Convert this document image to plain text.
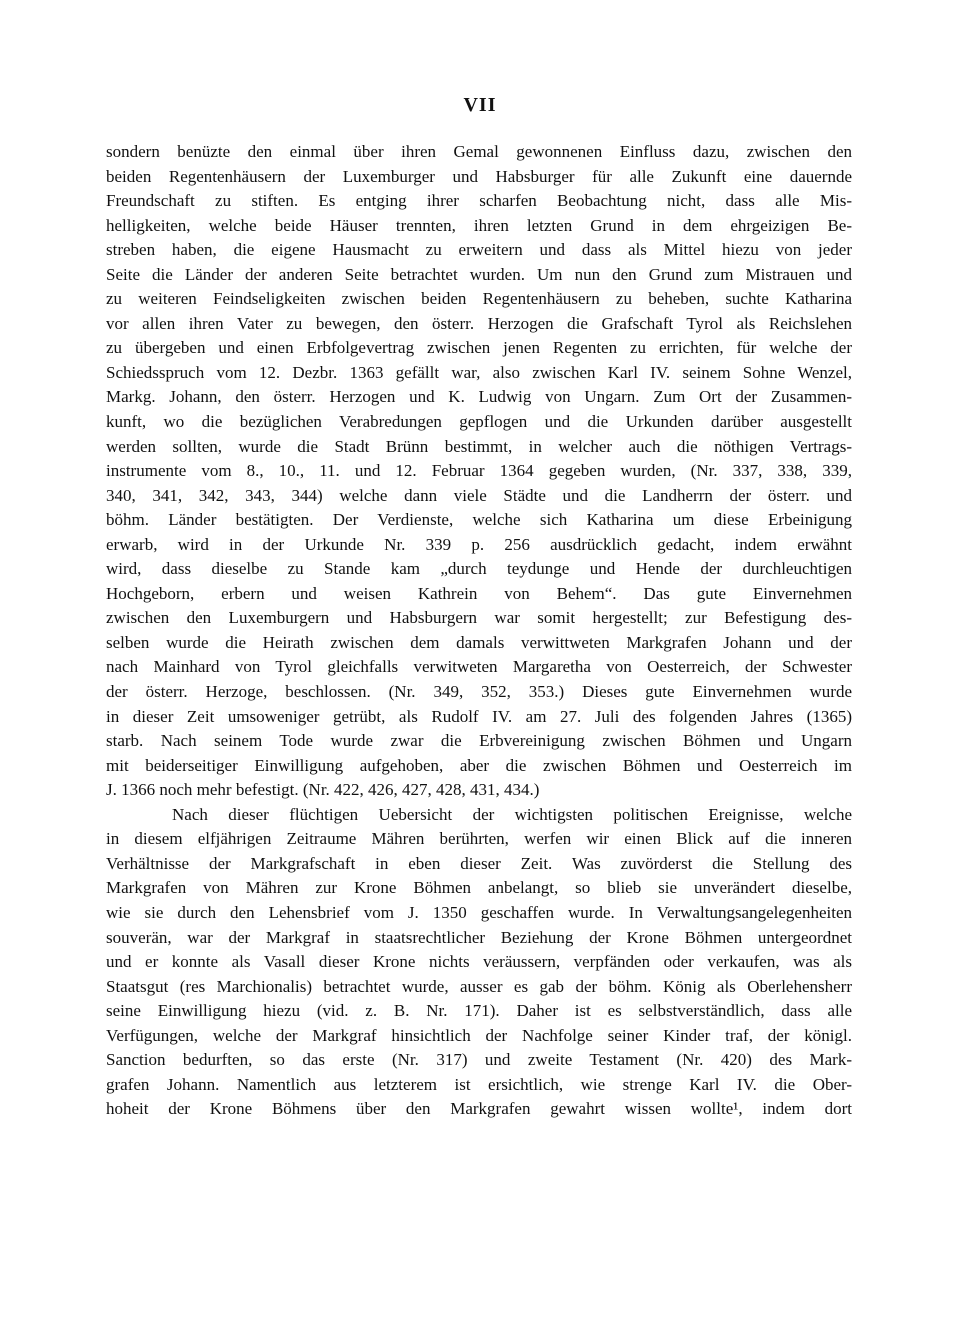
VII
sondern benüzte den einmal über ihren Gemal gewonnenen Einfluss dazu, zwischen den
beiden Regentenhäusern der Luxemburger und Habsburger für alle Zukunft eine dauernde
Freundschaft zu stiften. Es entging ihrer scharfen Beobachtung nicht, dass alle Mis-
helligkeiten, welche beide Häuser trennten, ihren letzten Grund in dem ehrgeizigen Be-
streben haben, die eigene Hausmacht zu erweitern und dass als Mittel hiezu von jeder
Seite die Länder der anderen Seite betrachtet wurden. Um nun den Grund zum Mistrauen und
zu weiteren Feindseligkeiten zwischen beiden Regentenhäusern zu beheben, suchte Katharina
vor allen ihren Vater zu bewegen, den österr. Herzogen die Grafschaft Tyrol als Reichslehen
zu übergeben und einen Erbfolgevertrag zwischen jenen Regenten zu errichten, für welche der
Schiedsspruch vom 12. Dezbr. 1363 gefällt war, also zwischen Karl IV. seinem Sohne Wenzel,
Markg. Johann, den österr. Herzogen und K. Ludwig von Ungarn. Zum Ort der Zusammen-
kunft, wo die bezüglichen Verabredungen gepflogen und die Urkunden darüber ausgestellt
werden sollten, wurde die Stadt Brünn bestimmt, in welcher auch die nöthigen Vertrags-
instrumente vom 8., 10., 11. und 12. Februar 1364 gegeben wurden, (Nr. 337, 338, 339,
340, 341, 342, 343, 344) welche dann viele Städte und die Landherrn der österr. und
böhm. Länder bestätigten. Der Verdienste, welche sich Katharina um diese Erbeinigung
erwarb, wird in der Urkunde Nr. 339 p. 256 ausdrücklich gedacht, indem erwähnt
wird, dass dieselbe zu Stande kam „durch teydunge und Hende der durchleuchtigen
Hochgeborn, erbern und weisen Kathrein von Behem“. Das gute Einvernehmen
zwischen den Luxemburgern und Habsburgern war somit hergestellt; zur Befestigung des-
selben wurde die Heirath zwischen dem damals verwittweten Markgrafen Johann und der
nach Mainhard von Tyrol gleichfalls verwitweten Margaretha von Oesterreich, der Schwester
der österr. Herzoge, beschlossen. (Nr. 349, 352, 353.) Dieses gute Einvernehmen wurde
in dieser Zeit umsoweniger getrübt, als Rudolf IV. am 27. Juli des folgenden Jahres (1365)
starb. Nach seinem Tode wurde zwar die Erbvereinigung zwischen Böhmen und Ungarn
mit beiderseitiger Einwilligung aufgehoben, aber die zwischen Böhmen und Oesterreich im
J. 1366 noch mehr befestigt. (Nr. 422, 426, 427, 428, 431, 434.)
Nach dieser flüchtigen Uebersicht der wichtigsten politischen Ereignisse, welche
in diesem elfjährigen Zeitraume Mähren berührten, werfen wir einen Blick auf die inneren
Verhältnisse der Markgrafschaft in eben dieser Zeit. Was zuvörderst die Stellung des
Markgrafen von Mähren zur Krone Böhmen anbelangt, so blieb sie unverändert dieselbe,
wie sie durch den Lehensbrief vom J. 1350 geschaffen wurde. In Verwaltungsangelegenheiten
souverän, war der Markgraf in staatsrechtlicher Beziehung der Krone Böhmen untergeordnet
und er konnte als Vasall dieser Krone nichts veräussern, verpfänden oder verkaufen, was als
Staatsgut (res Marchionalis) betrachtet wurde, ausser es gab der böhm. König als Oberlehensherr
seine Einwilligung hiezu (vid. z. B. Nr. 171). Daher ist es selbstverständlich, dass alle
Verfügungen, welche der Markgraf hinsichtlich der Nachfolge seiner Kinder traf, der königl.
Sanction bedurften, so das erste (Nr. 317) und zweite Testament (Nr. 420) des Mark-
grafen Johann. Namentlich aus letzterem ist ersichtlich, wie strenge Karl IV. die Ober-
hoheit der Krone Böhmens über den Markgrafen gewahrt wissen wollte¹, indem dort
